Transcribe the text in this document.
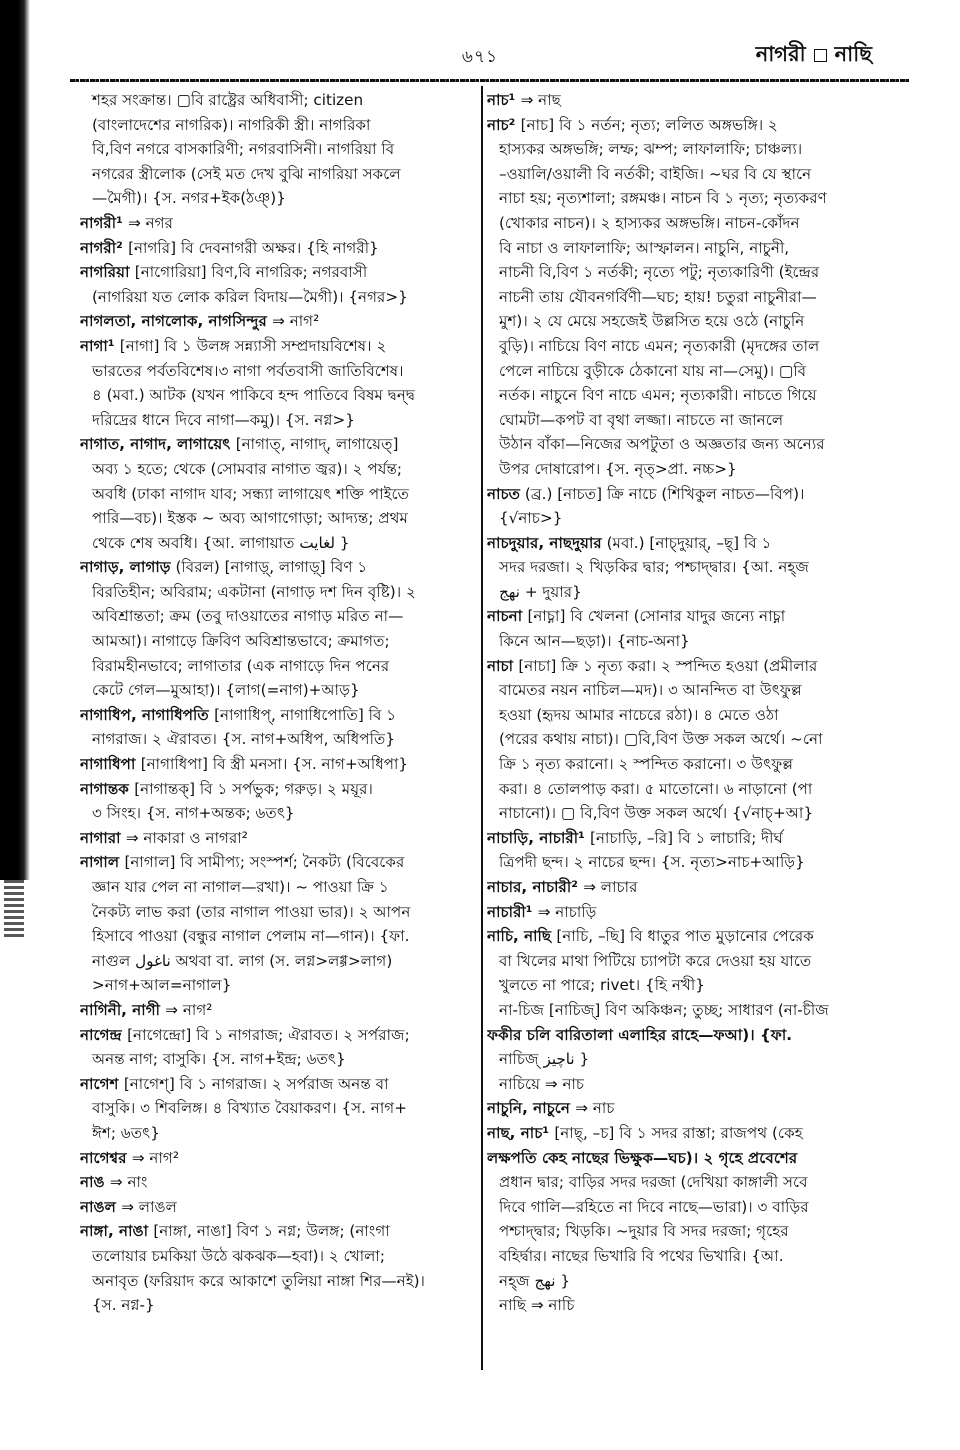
৬৭১	নাগরী নাছি
শহর সংক্রান্ত। ▢বি রাষ্ট্রের অধিবাসী; citizen
(বাংলাদেশের নাগরিক)। নাগরিকী স্ত্রী। নাগরিকা
বি,বিণ নগরে বাসকারিণী; নগরবাসিনী। নাগরিয়া বি
নগরের স্ত্রীলোক (সেই মত দেখ বুঝি নাগরিয়া সকলে
—মৈগী)। {স. নগর+ইক(ঠঞ্)}
নাগরী¹ ⇒ নগর
নাগরী² [নাগরি] বি দেবনাগরী অক্ষর। {হি নাগরী}
নাগরিয়া [নাগোরিয়া] বিণ,বি নাগরিক; নগরবাসী
(নাগরিয়া যত লোক করিল বিদায়—মৈগী)। {নগর>}
নাগলতা, নাগলোক, নাগসিন্দুর ⇒ নাগ²
নাগা¹ [নাগা] বি ১ উলঙ্গ সন্ন্যাসী সম্প্রদায়বিশেষ। ২
ভারতের পর্বতবিশেষ।৩ নাগা পর্বতবাসী জাতিবিশেষ।
৪ (মবা.) আটক (যখন পাকিবে হন্দ পাতিবে বিষম দ্বন্দ্ব
দরিদ্রের ধানে দিবে নাগা—কমু)। {স. নগ্ন>}
নাগাত, নাগাদ, লাগায়েৎ [নাগাত্, নাগাদ্, লাগায়েত্]
অব্য ১ হতে; থেকে (সোমবার নাগাত জ্বর)। ২ পর্যন্ত;
অবধি (ঢাকা নাগাদ যাব; সন্ধ্যা লাগায়েৎ শক্তি পাইতে
পারি—বচ)। ইস্তক ~ অব্য আগাগোড়া; আদ্যন্ত; প্রথম
থেকে শেষ অবধি। {আ. লাগায়াত لغايت }
নাগাড়, লাগাড় (বিরল) [নাগাড়্, লাগাড়্] বিণ ১
বিরতিহীন; অবিরাম; একটানা (নাগাড় দশ দিন বৃষ্টি)। ২
অবিশ্রান্ততা; ক্রম (তবু দাওয়াতের নাগাড় মরিত না—
আমআ)। নাগাড়ে ক্রিবিণ অবিশ্রান্তভাবে; ক্রমাগত;
বিরামহীনভাবে; লাগাতার (এক নাগাড়ে দিন পনের
কেটে গেল—মুআহা)। {লাগ(=নাগ)+আড়}
নাগাধিপ, নাগাধিপতি [নাগাধিপ্, নাগাধিপোতি] বি ১
নাগরাজ। ২ ঐরাবত। {স. নাগ+অধিপ, অধিপতি}
নাগাধিপা [নাগাধিপা] বি স্ত্রী মনসা। {স. নাগ+অধিপা}
নাগান্তক [নাগান্তক্] বি ১ সর্পভুক; গরুড়। ২ ময়ূর।
৩ সিংহ। {স. নাগ+অন্তক; ৬তৎ}
নাগারা ⇒ নাকারা ও নাগরা²
নাগাল [নাগাল] বি সামীপ্য; সংস্পর্শ; নৈকট্য (বিবেকের
জ্ঞান যার পেল না নাগাল—রখা)। ~ পাওয়া ক্রি ১
নৈকট্য লাভ করা (তার নাগাল পাওয়া ভার)। ২ আপন
হিসাবে পাওয়া (বন্ধুর নাগাল পেলাম না—গান)। {ফা.
নাগুল ناغول অথবা বা. লাগ (স. লগ্ন>লগ্গ>লাগ)
>নাগ+আল=নাগাল}
নাগিনী, নাগী ⇒ নাগ²
নাগেন্দ্র [নাগেন্দ্রো] বি ১ নাগরাজ; ঐরাবত। ২ সর্পরাজ;
অনন্ত নাগ; বাসুকি। {স. নাগ+ইন্দ্র; ৬তৎ}
নাগেশ [নাগেশ্] বি ১ নাগরাজ। ২ সর্পরাজ অনন্ত বা
বাসুকি। ৩ শিবলিঙ্গ। ৪ বিখ্যাত বৈয়াকরণ। {স. নাগ+
ঈশ; ৬তৎ}
নাগেশ্বর ⇒ নাগ²
নাঙ ⇒ নাং
নাঙল ⇒ লাঙল
নাঙ্গা, নাঙা [নাঙ্গা, নাঙা] বিণ ১ নগ্ন; উলঙ্গ; (নাংগা
তলোয়ার চমকিয়া উঠে ঝকঝক—হবা)। ২ খোলা;
অনাবৃত (ফরিয়াদ করে আকাশে তুলিয়া নাঙ্গা শির—নই)।
{স. নগ্ন-}
নাচ¹ ⇒ নাছ
নাচ² [নাচ] বি ১ নর্তন; নৃত্য; ললিত অঙ্গভঙ্গি। ২
হাস্যকর অঙ্গভঙ্গি; লম্ফ; ঝম্প; লাফালাফি; চাঞ্চল্য।
–ওয়ালি/ওয়ালী বি নর্তকী; বাইজি। ~ঘর বি যে স্থানে
নাচা হয়; নৃত্যশালা; রঙ্গমঞ্চ। নাচন বি ১ নৃত্য; নৃত্যকরণ
(খোকার নাচন)। ২ হাস্যকর অঙ্গভঙ্গি। নাচন-কোঁদন
বি নাচা ও লাফালাফি; আস্ফালন। নাচুনি, নাচুনী,
নাচনী বি,বিণ ১ নর্তকী; নৃত্যে পটু; নৃত্যকারিণী (ইন্দ্রের
নাচনী তায় যৌবনগর্বিণী—ঘচ; হায়! চতুরা নাচুনীরা—
মুশ)। ২ যে মেয়ে সহজেই উল্লসিত হয়ে ওঠে (নাচুনি
বুড়ি)। নাচিয়ে বিণ নাচে এমন; নৃত্যকারী (মৃদঙ্গের তাল
পেলে নাচিয়ে বুড়ীকে ঠেকানো যায় না—সেমু)। ▢বি
নর্তক। নাচুনে বিণ নাচে এমন; নৃত্যকারী। নাচতে গিয়ে
ঘোমটা—কপট বা বৃথা লজ্জা। নাচতে না জানলে
উঠান বাঁকা—নিজের অপটুতা ও অজ্ঞতার জন্য অন্যের
উপর দোষারোপ। {স. নৃত্>প্রা. নচ্চ>}
নাচত (ব্র.) [নাচত] ক্রি নাচে (শিখিকুল নাচত—বিপ)।
{√নাচ>}
নাচদুয়ার, নাছদুয়ার (মবা.) [নাচ্দুয়ার্, –ছ্] বি ১
সদর দরজা। ২ খিড়কির দ্বার; পশ্চাদ্দ্বার। {আ. নহ্জ
نهج + দুয়ার}
নাচনা [নাচ্না] বি খেলনা (সোনার যাদুর জন্যে নাচ্না
কিনে আন—ছড়া)। {নাচ-অনা}
নাচা [নাচা] ক্রি ১ নৃত্য করা। ২ স্পন্দিত হওয়া (প্রমীলার
বামেতর নয়ন নাচিল—মদ)। ৩ আনন্দিত বা উৎফুল্ল
হওয়া (হৃদয় আমার নাচেরে রঠা)। ৪ মেতে ওঠা
(পরের কথায় নাচা)। ▢বি,বিণ উক্ত সকল অর্থে। ~নো
ক্রি ১ নৃত্য করানো। ২ স্পন্দিত করানো। ৩ উৎফুল্ল
করা। ৪ তোলপাড় করা। ৫ মাতোনো। ৬ নাড়ানো (পা
নাচানো)। ▢ বি,বিণ উক্ত সকল অর্থে। {√নাচ্+আ}
নাচাড়ি, নাচারী¹ [নাচাড়ি, –রি] বি ১ লাচারি; দীর্ঘ
ত্রিপদী ছন্দ। ২ নাচের ছন্দ। {স. নৃত্য>নাচ+আড়ি}
নাচার, নাচারী² ⇒ লাচার
নাচারী¹ ⇒ নাচাড়ি
নাচি, নাছি [নাচি, –ছি] বি ধাতুর পাত মুড়ানোর পেরেক
বা খিলের মাথা পিটিয়ে চ্যাপটা করে দেওয়া হয় যাতে
খুলতে না পারে; rivet। {হি নখী}
না-চিজ [নাচিজ্] বিণ অকিঞ্চন; তুচ্ছ; সাধারণ (না-চীজ
ফকীর চলি বারিতালা এলাহির রাহে—ফআ)। {ফা.
নাচিজ্ ناچيز }
নাচিয়ে ⇒ নাচ
নাচুনি, নাচুনে ⇒ নাচ
নাছ, নাচ¹ [নাছ্, –চ] বি ১ সদর রাস্তা; রাজপথ (কেহ
লক্ষপতি কেহ নাছের ভিক্ষুক—ঘচ)। ২ গৃহে প্রবেশের
প্রধান দ্বার; বাড়ির সদর দরজা (দেখিয়া কাঙ্গালী সবে
দিবে গালি—রহিতে না দিবে নাছে—ভারা)। ৩ বাড়ির
পশ্চাদ্দ্বার; খিড়কি। ~দুয়ার বি সদর দরজা; গৃহের
বহির্দ্বার। নাছের ভিখারি বি পথের ভিখারি। {আ.
নহ্জ نهج }
নাছি ⇒ নাচি
